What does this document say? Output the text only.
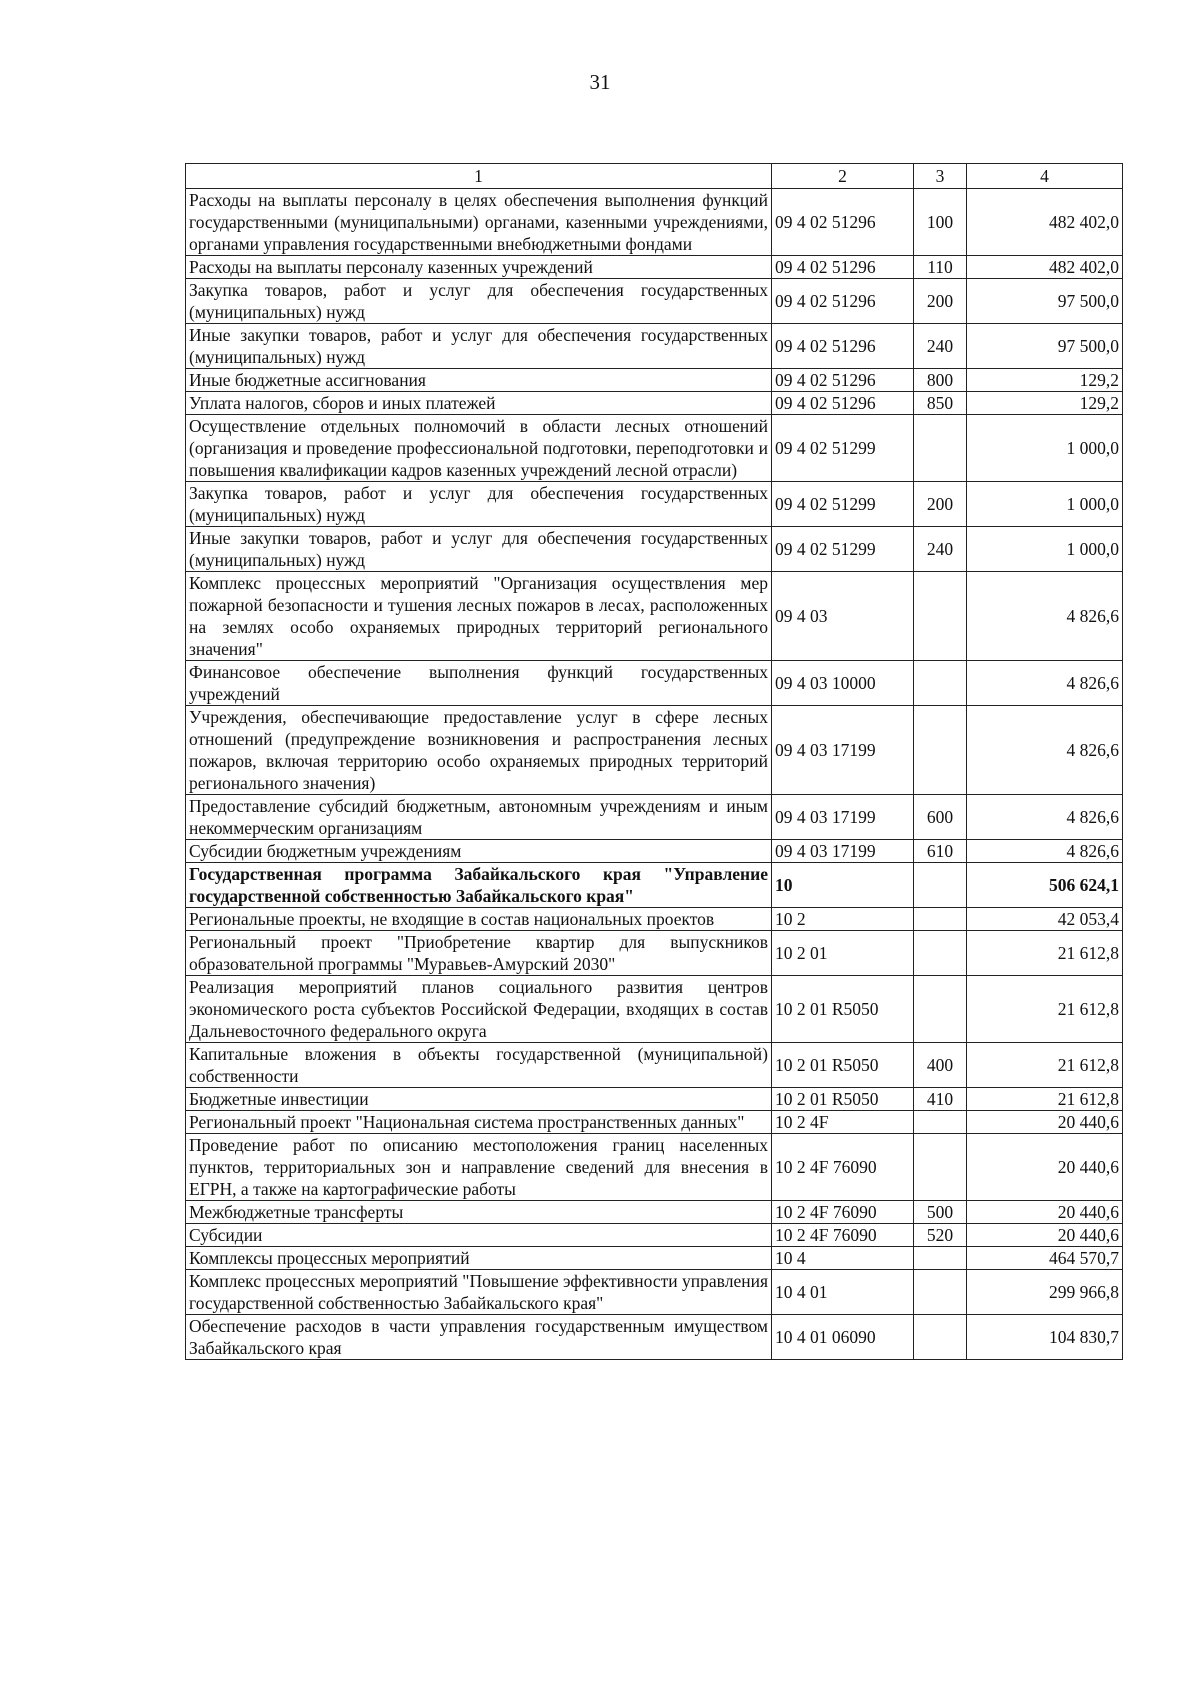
31
1	2	3	4
Расходы на выплаты персоналу в целях обеспечения выполнения функций государственными (муниципальными) органами, казенными учреждениями, органами управления государственными внебюджетными фондами	09 4 02 51296	100	482 402,0
Расходы на выплаты персоналу казенных учреждений	09 4 02 51296	110	482 402,0
Закупка товаров, работ и услуг для обеспечения государственных (муниципальных) нужд	09 4 02 51296	200	97 500,0
Иные закупки товаров, работ и услуг для обеспечения государственных (муниципальных) нужд	09 4 02 51296	240	97 500,0
Иные бюджетные ассигнования	09 4 02 51296	800	129,2
Уплата налогов, сборов и иных платежей	09 4 02 51296	850	129,2
Осуществление отдельных полномочий в области лесных отношений (организация и проведение профессиональной подготовки, переподготовки и повышения квалификации кадров казенных учреждений лесной отрасли)	09 4 02 51299		1 000,0
Закупка товаров, работ и услуг для обеспечения государственных (муниципальных) нужд	09 4 02 51299	200	1 000,0
Иные закупки товаров, работ и услуг для обеспечения государственных (муниципальных) нужд	09 4 02 51299	240	1 000,0
Комплекс процессных мероприятий "Организация осуществления мер пожарной безопасности и тушения лесных пожаров в лесах, расположенных на землях особо охраняемых природных территорий регионального значения"	09 4 03		4 826,6
Финансовое обеспечение выполнения функций государственных учреждений	09 4 03 10000		4 826,6
Учреждения, обеспечивающие предоставление услуг в сфере лесных отношений (предупреждение возникновения и распространения лесных пожаров, включая территорию особо охраняемых природных территорий регионального значения)	09 4 03 17199		4 826,6
Предоставление субсидий бюджетным, автономным учреждениям и иным некоммерческим организациям	09 4 03 17199	600	4 826,6
Субсидии бюджетным учреждениям	09 4 03 17199	610	4 826,6
Государственная программа Забайкальского края "Управление государственной собственностью Забайкальского края"	10		506 624,1
Региональные проекты, не входящие в состав национальных проектов	10 2		42 053,4
Региональный проект "Приобретение квартир для выпускников образовательной программы "Муравьев-Амурский 2030"	10 2 01		21 612,8
Реализация мероприятий планов социального развития центров экономического роста субъектов Российской Федерации, входящих в состав Дальневосточного федерального округа	10 2 01 R5050		21 612,8
Капитальные вложения в объекты государственной (муниципальной) собственности	10 2 01 R5050	400	21 612,8
Бюджетные инвестиции	10 2 01 R5050	410	21 612,8
Региональный проект "Национальная система пространственных данных"	10 2 4F		20 440,6
Проведение работ по описанию местоположения границ населенных пунктов, территориальных зон и направление сведений для внесения в ЕГРН, а также на картографические работы	10 2 4F 76090		20 440,6
Межбюджетные трансферты	10 2 4F 76090	500	20 440,6
Субсидии	10 2 4F 76090	520	20 440,6
Комплексы процессных мероприятий	10 4		464 570,7
Комплекс процессных мероприятий "Повышение эффективности управления государственной собственностью Забайкальского края"	10 4 01		299 966,8
Обеспечение расходов в части управления государственным имуществом Забайкальского края	10 4 01 06090		104 830,7
